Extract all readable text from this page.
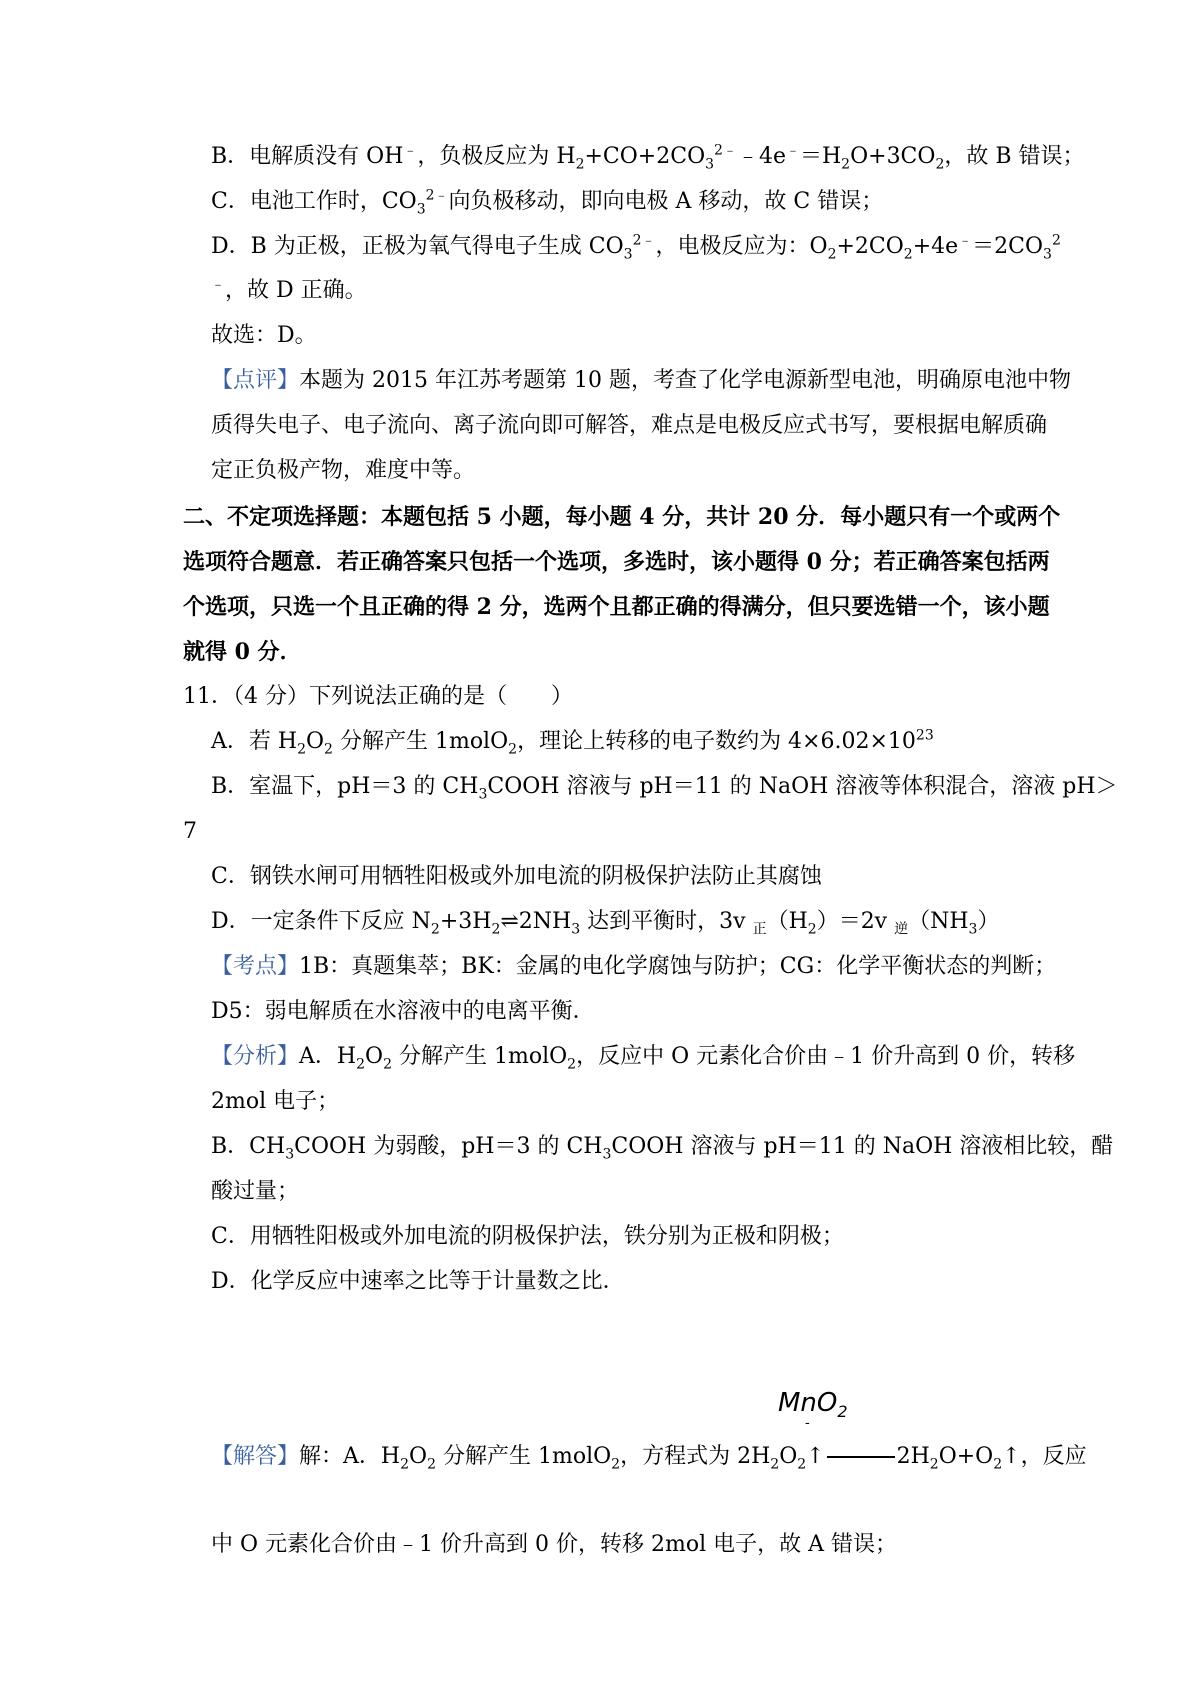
B．电解质没有 OH﹣，负极反应为 $H_2+CO+2CO_3^{2﹣}﹣4e^﹣=H_2O+3CO_2$，故 B 错误；
C．电池工作时，$CO_3^{2﹣}$向负极移动，即向电极 A 移动，故 C 错误；
D．B 为正极，正极为氧气得电子生成 $CO_3^{2﹣}$，电极反应为：$O_2+2CO_2+4e^﹣=2CO_3^2$
﹣，故 D 正确。
故选：D。
【点评】本题为 2015 年江苏考题第 10 题，考查了化学电源新型电池，明确原电池中物
质得失电子、电子流向、离子流向即可解答，难点是电极反应式书写，要根据电解质确
定正负极产物，难度中等。
二、不定项选择题：本题包括 5 小题，每小题 4 分，共计 20 分．每小题只有一个或两个
选项符合题意．若正确答案只包括一个选项，多选时，该小题得 0 分；若正确答案包括两
个选项，只选一个且正确的得 2 分，选两个且都正确的得满分，但只要选错一个，该小题
就得 0 分．
11．（4 分）下列说法正确的是（　　）
A．若 $H_2O_2$ 分解产生 1molO$_2$，理论上转移的电子数约为 $4\times 6.02\times 10^{23}$
B．室温下，pH＝3 的 $CH_3COOH$ 溶液与 pH＝11 的 NaOH 溶液等体积混合，溶液 pH＞
7
C．钢铁水闸可用牺牲阳极或外加电流的阴极保护法防止其腐蚀
D．一定条件下反应 $N_2+3H_2\rightleftharpoons 2NH_3$ 达到平衡时，3v $_正(H_2)=2v$ $_逆(NH_3)$
【考点】1B：真题集萃；BK：金属的电化学腐蚀与防护；CG：化学平衡状态的判断；
D5：弱电解质在水溶液中的电离平衡．
【分析】A．$H_2O_2$ 分解产生 1molO$_2$，反应中 O 元素化合价由﹣1 价升高到 0 价，转移
2mol 电子；
B．$CH_3COOH$ 为弱酸，pH＝3 的 $CH_3COOH$ 溶液与 pH＝11 的 NaOH 溶液相比较，醋
酸过量；
C．用牺牲阳极或外加电流的阴极保护法，铁分别为正极和阴极；
D．化学反应中速率之比等于计量数之比．
MnO$_2$
-
【解答】解：A．$H_2O_2$ 分解产生 1molO$_2$，方程式为 $2H_2O_2↑$	$2H_2O+O_2↑$，反应
中 O 元素化合价由﹣1 价升高到 0 价，转移 2mol 电子，故 A 错误；
